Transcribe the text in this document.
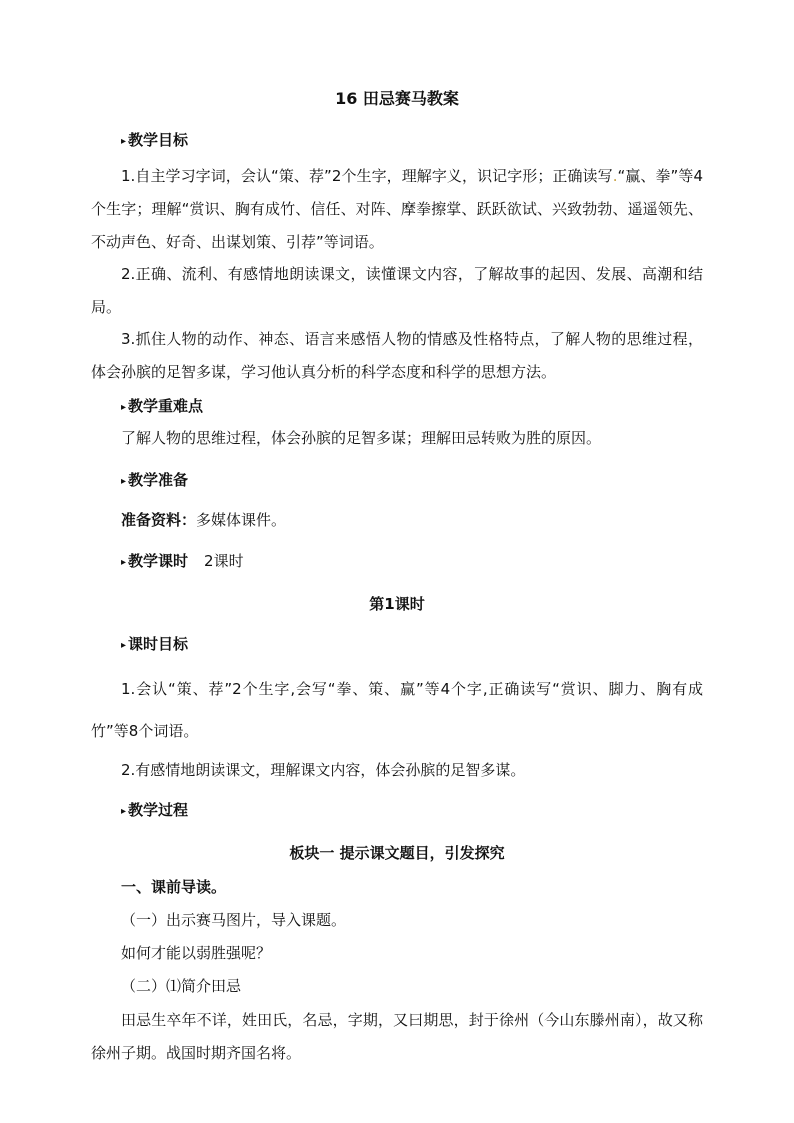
16 田忌赛马教案
▸ 教学目标
1.自主学习字词，会认“策、荐”2个生字，理解字义，识记字形；正确读写.“赢、拳”等4个生字；理解“赏识、胸有成竹、信任、对阵、摩拳擦掌、跃跃欲试、兴致勃勃、遥遥领先、不动声色、好奇、出谋划策、引荐”等词语。
2.正确、流利、有感情地朗读课文，读懂课文内容，了解故事的起因、发展、高潮和结局。
3.抓住人物的动作、神态、语言来感悟人物的情感及性格特点，了解人物的思维过程，体会孙膑的足智多谋，学习他认真分析的科学态度和科学的思想方法。
▸ 教学重难点
了解人物的思维过程，体会孙膑的足智多谋；理解田忌转败为胜的原因。
▸ 教学准备
准备资料：多媒体课件。
▸ 教学课时 2课时
第1课时
▸ 课时目标
1.会认“策、荐”2个生字,会写“拳、策、赢”等4个字,正确读写“赏识、脚力、胸有成竹”等8个词语。
2.有感情地朗读课文，理解课文内容，体会孙膑的足智多谋。
▸ 教学过程
板块一 提示课文题目，引发探究
一、课前导读。
（一）出示赛马图片，导入课题。
如何才能以弱胜强呢？
（二）⑴简介田忌
田忌生卒年不详，姓田氏，名忌，字期，又曰期思，封于徐州（今山东滕州南），故又称徐州子期。战国时期齐国名将。
